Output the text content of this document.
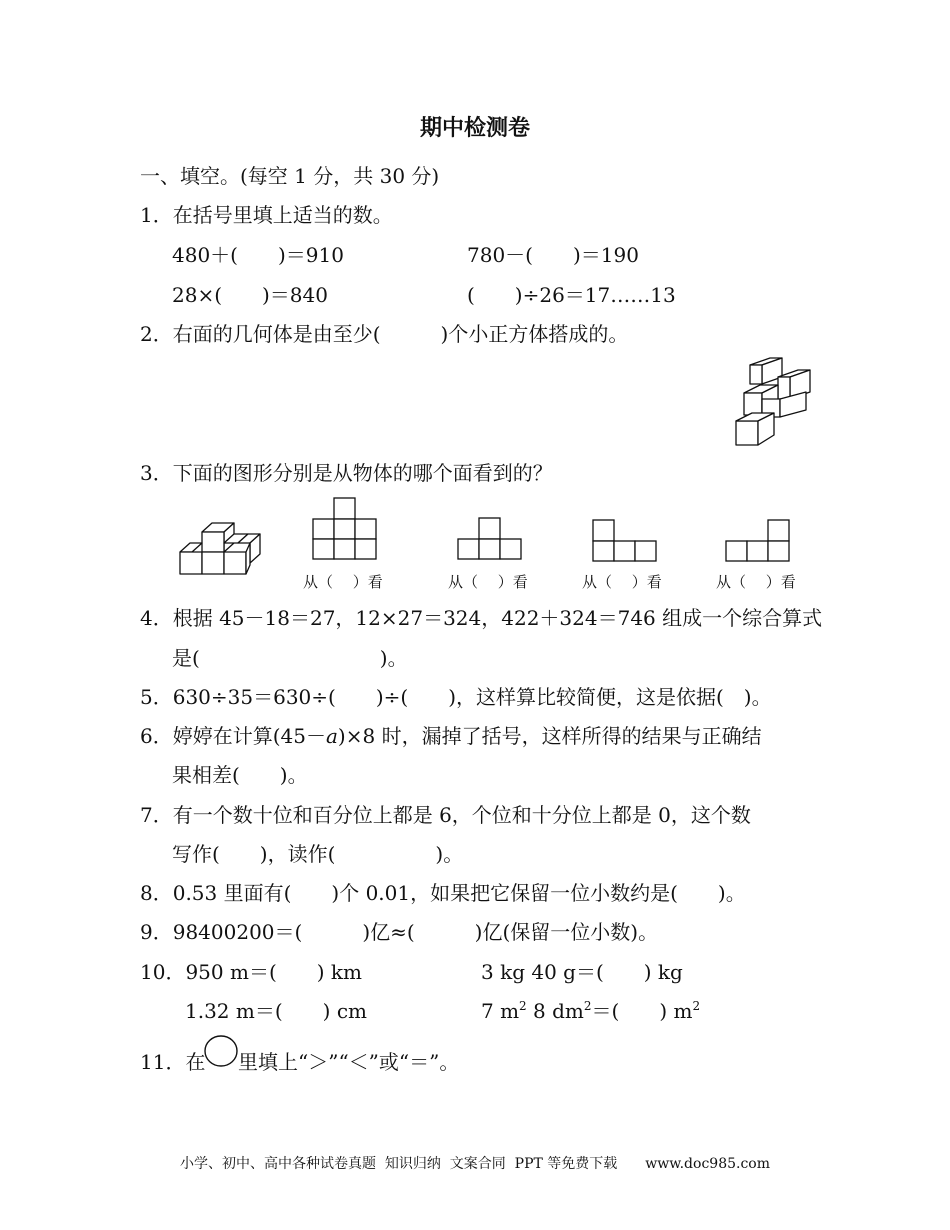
期中检测卷
一、填空。(每空 1 分，共 30 分)
1．在括号里填上适当的数。
480＋(　　)＝910	780－(　　)＝190
28×(　　)＝840	(　　)÷26＝17……13
2．右面的几何体是由至少(　　　)个小正方体搭成的。
3．下面的图形分别是从物体的哪个面看到的？
从（　 ）看	从（　 ）看	从（　 ）看	从（　 ）看
4．根据 45－18＝27，12×27＝324，422＋324＝746 组成一个综合算式
是(　　　　　　　　　)。
5．630÷35＝630÷(　　)÷(　　)，这样算比较简便，这是依据(　)。
6．婷婷在计算(45－a)×8 时，漏掉了括号，这样所得的结果与正确结
果相差(　　)。
7．有一个数十位和百分位上都是 6，个位和十分位上都是 0，这个数
写作(　　)，读作(　　　　　)。
8．0.53 里面有(　　)个 0.01，如果把它保留一位小数约是(　　)。
9．98400200＝(　　　)亿≈(　　　)亿(保留一位小数)。
10．950 m＝(　　) km	3 kg 40 g＝(　　) kg
1.32 m＝(　　) cm	7 $m^2$ 8 $dm^2=$(　　) $m^2$
11．在 里填上“＞”“＜”或“＝”。
小学、初中、高中各种试卷真题  知识归纳  文案合同  PPT 等免费下载　　www.doc985.com
